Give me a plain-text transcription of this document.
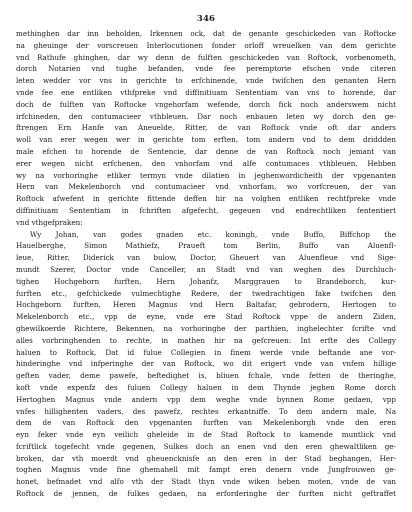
346
methinghen dar inn beholden, Irkennen ock, dat de genante geschickeden van Roftocke
na gheuinge der vorscreuen Interlocutionen fonder orloff wreuelken van dem gerichte
vnd Rathufe ghinghen, dar wy denn de fulften geschickeden van Roftock, vorbenometh,
dorch Notarien vnd tughe befanden, vnde fee peremptorie efschen vnde citeren
leten wedder vor vns in gerichte to erfchinende, vnde twifchen den genanten Hern
vnde fee ene entliken vthfpreke vnd diffinitiuam Sententiam van vns to horende, dar
doch de fulften van Roftocke vngehorfam wefende, dorch fick noch anderswem nicht
irfchineden, den contumacieer vthbleuen. Dar noch enbauen leten wy dorch den ge-
ftrengen Ern Hanfe van Aneuelde, Ritter, de van Roftock vnde oft dar anders
woll van erer wegen wer in gerichte tom erften, tom andern vnd to dem driddden
male efchen to horende de Sentencie, dar denne de van Roftock noch jemant van
erer wegen nicht erfchenen, den vnhorfam vnd alfe contumaces vthbleuen, Hebben
wy na vorhoringhe etliker termyn vnde dilatien in jeghenwordicheith der vpgenanten
Hern van Mekelenborch vnd contumacieer vnd vnhorfam, wo vorfcreuen, der van
Roftock afwefent in gerichte fittende deffen hir na volghen entliken rechtfpreke vnde
diffinitiuam Sententiam in fchriften afgefecht, gegeuen vnd endrechtliken fententiert
vnd vthgefpraken:
Wy Johan, van godes gnaden etc. koningh, vnde Buffo, Biffchop the
Hauelberghe, Simon Mathiefz, Praueft tom Berlin, Buffo van Aluenfl-
leue, Ritter, Diderick van bulow, Doctor, Gheuert van Aluenfleue vnd Sige-
mundt Szerer, Doctor vnde Canceller, an Stadt vnd van weghen des Durchluch-
tighen Hochgeborn furften, Hern Johanfz, Marggrauen to Brandeborch, kur-
furften etc., gefchickede vulmechtighe Redere, der twedrachtigen fake twifchen den
Hochgeborn furften, Heren Magnus vnd Hern Baltafar, gebrodern, Hertogen to
Mekelenborch etc., vpp de eyne, vnde ere Stad Roftock vppe de andern Ziden,
ghewilkoerde Richtere, Bekennen, na vorhoringhe der parthien, inghelechter fcrifte vnd
alles vorbringhenden to rechte, in mathen hir na gefcreuen: Int erfte des Collegy
haluen to Roftock, Dat id fulue Collegien in finem werde vnde beftande ane vor-
hinderinghe vnd infperinghe der van Roftock, wo dit erigert vnde van vnfem hillige
geften vader, deme pawefe, beftedighet is, bliuen fchale, vnde fetten de theringhe,
koft vnde expenfz des fuluen Collegy haluen in dem Thynde jeghen Rome dorch
Hertoghen Magnus vnde andern vpp dem weghe vnde bynnen Rome gedaen, vpp
vnfes hillighenten vaders, des pawefz, rechtes erkantniffe. To dem andern male, Na
dem de van Roftock den vpgenanten furften van Mekelenborgh vnde den eren
eyn feker vnde eyn veilich gheleide in de Stad Roftock to kamende muntlick vnd
fcriftlick togefecht vnde gegenen, Sulkes doch an enen vnd den eren ghewaltliken ge-
broken, dar vth moerdt vnd gheuencknisfe an den eren in der Stad beghangen, Her-
toghen Magnus vnde fine ghemahell mit fampt eren denern vnde Jungfrouwen ge-
honet, befmadet vnd alfo vth der Stadt thyn vnde wiken heben moten, vnde de van
Roftock de jennen, de fulkes gedaen, na erforderinghe der furften nicht geftraffet
